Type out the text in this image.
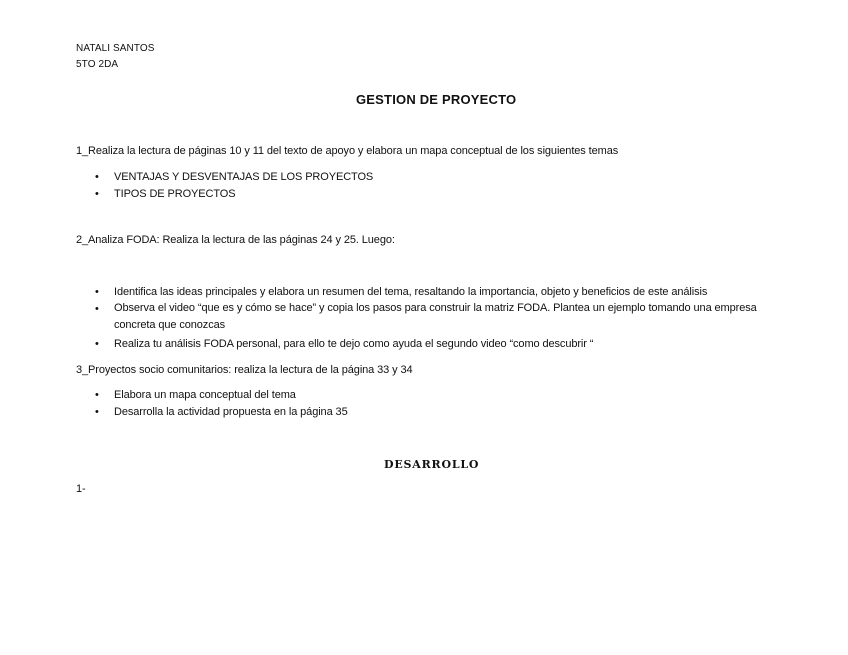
NATALI SANTOS
5TO 2DA
GESTION DE PROYECTO
1_Realiza la lectura de páginas 10 y 11 del texto de apoyo y elabora un mapa conceptual de los siguientes temas
• VENTAJAS Y DESVENTAJAS DE LOS PROYECTOS
• TIPOS DE PROYECTOS
2_Analiza FODA: Realiza la lectura de las páginas 24 y 25. Luego:
• Identifica las ideas principales y elabora un resumen del tema, resaltando la importancia, objeto y beneficios de este análisis
• Observa el video “que es y cómo se hace” y copia los pasos para construir la matriz FODA. Plantea un ejemplo tomando una empresa concreta que conozcas
• Realiza tu análisis FODA personal, para ello te dejo como ayuda el segundo video “como descubrir “
3_Proyectos socio comunitarios: realiza la lectura de la página 33 y 34
• Elabora un mapa conceptual del tema
• Desarrolla la actividad propuesta en la página 35
DESARROLLO
1-
